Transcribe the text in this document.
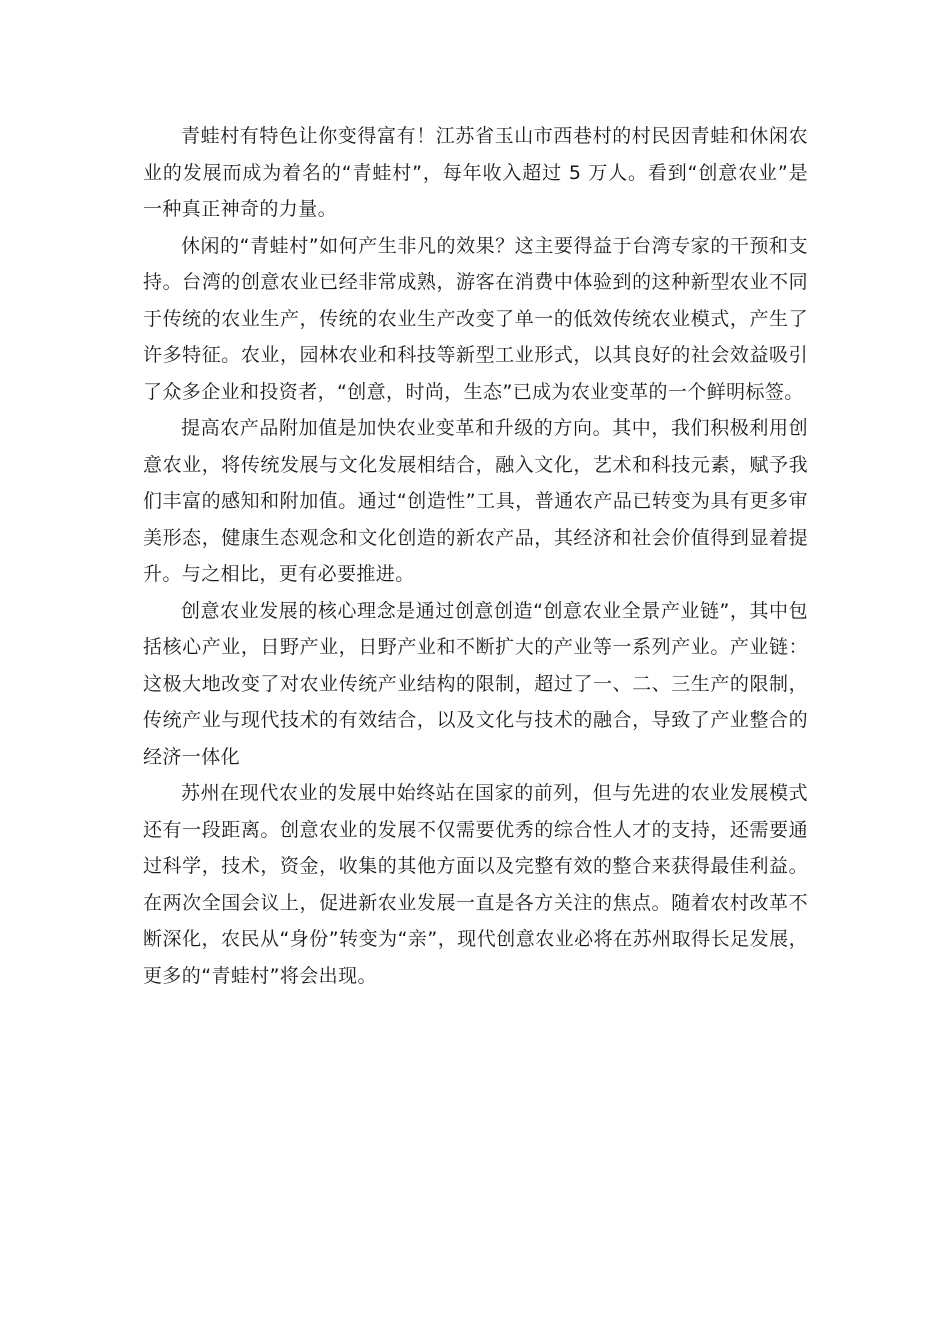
青蛙村有特色让你变得富有！江苏省玉山市西巷村的村民因青蛙和休闲农业的发展而成为着名的“青蛙村”，每年收入超过 5 万人。看到“创意农业”是一种真正神奇的力量。

休闲的“青蛙村”如何产生非凡的效果？这主要得益于台湾专家的干预和支持。台湾的创意农业已经非常成熟，游客在消费中体验到的这种新型农业不同于传统的农业生产，传统的农业生产改变了单一的低效传统农业模式，产生了许多特征。农业，园林农业和科技等新型工业形式，以其良好的社会效益吸引了众多企业和投资者，“创意，时尚，生态”已成为农业变革的一个鲜明标签。

提高农产品附加值是加快农业变革和升级的方向。其中，我们积极利用创意农业，将传统发展与文化发展相结合，融入文化，艺术和科技元素，赋予我们丰富的感知和附加值。通过“创造性”工具，普通农产品已转变为具有更多审美形态，健康生态观念和文化创造的新农产品，其经济和社会价值得到显着提升。与之相比，更有必要推进。

创意农业发展的核心理念是通过创意创造“创意农业全景产业链”，其中包括核心产业，日野产业，日野产业和不断扩大的产业等一系列产业。产业链：这极大地改变了对农业传统产业结构的限制，超过了一、二、三生产的限制，传统产业与现代技术的有效结合，以及文化与技术的融合，导致了产业整合的经济一体化

苏州在现代农业的发展中始终站在国家的前列，但与先进的农业发展模式还有一段距离。创意农业的发展不仅需要优秀的综合性人才的支持，还需要通过科学，技术，资金，收集的其他方面以及完整有效的整合来获得最佳利益。在两次全国会议上，促进新农业发展一直是各方关注的焦点。随着农村改革不断深化，农民从“身份”转变为“亲”，现代创意农业必将在苏州取得长足发展，更多的“青蛙村”将会出现。
